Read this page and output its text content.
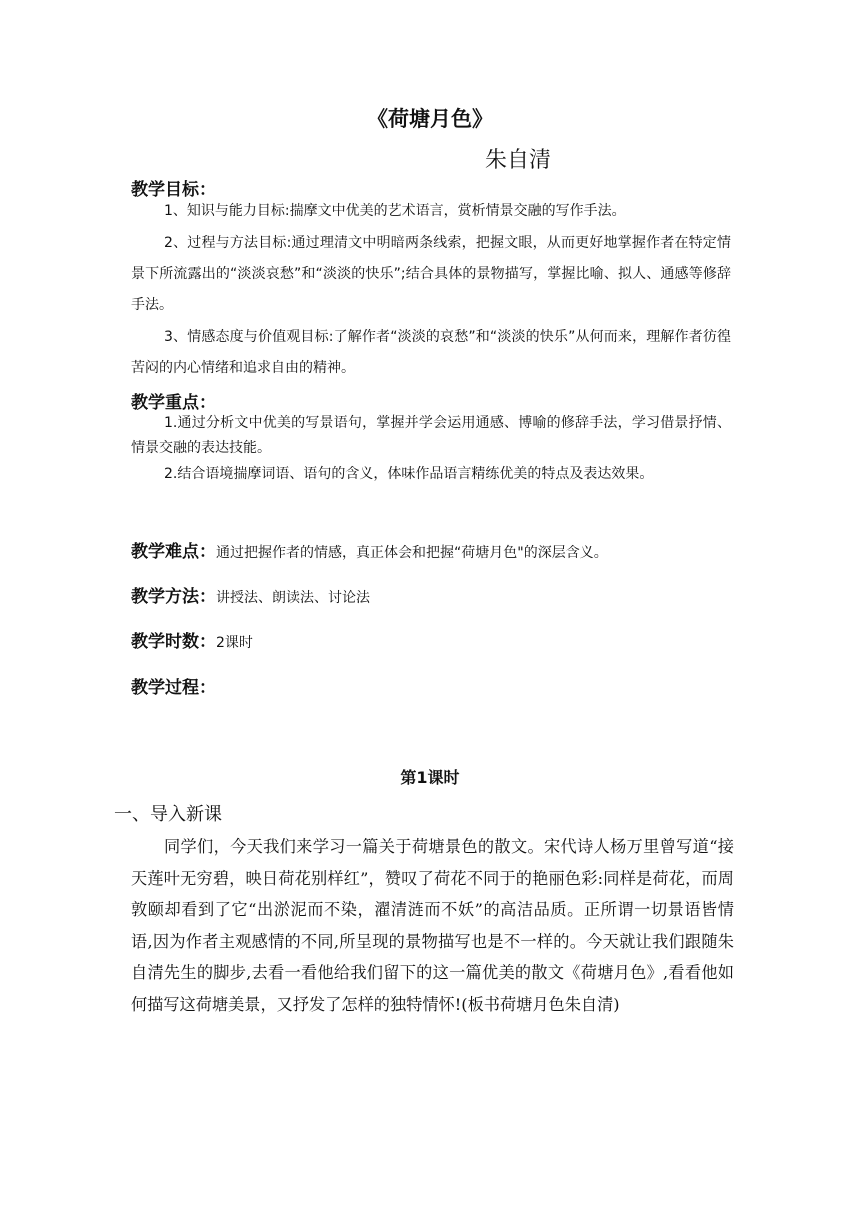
《荷塘月色》
朱自清
教学目标：
1、知识与能力目标:揣摩文中优美的艺术语言，赏析情景交融的写作手法。
2、过程与方法目标:通过理清文中明暗两条线索，把握文眼，从而更好地掌握作者在特定情景下所流露出的“淡淡哀愁”和“淡淡的快乐”;结合具体的景物描写，掌握比喻、拟人、通感等修辞手法。
3、情感态度与价值观目标:了解作者“淡淡的哀愁”和“淡淡的快乐”从何而来，理解作者彷徨苦闷的内心情绪和追求自由的精神。
教学重点：
1.通过分析文中优美的写景语句，掌握并学会运用通感、博喻的修辞手法，学习借景抒情、情景交融的表达技能。
2.结合语境揣摩词语、语句的含义，体味作品语言精练优美的特点及表达效果。
教学难点：通过把握作者的情感，真正体会和把握“荷塘月色"的深层含义。
教学方法：讲授法、朗读法、讨论法
教学时数：2课时
教学过程：
第1课时
一、导入新课
同学们，今天我们来学习一篇关于荷塘景色的散文。宋代诗人杨万里曾写道“接天莲叶无穷碧，映日荷花别样红”，赞叹了荷花不同于的艳丽色彩:同样是荷花，而周敦颐却看到了它“出淤泥而不染，濯清涟而不妖”的高洁品质。正所谓一切景语皆情语,因为作者主观感情的不同,所呈现的景物描写也是不一样的。今天就让我们跟随朱自清先生的脚步,去看一看他给我们留下的这一篇优美的散文《荷塘月色》,看看他如何描写这荷塘美景，又抒发了怎样的独特情怀!(板书荷塘月色朱自清)
